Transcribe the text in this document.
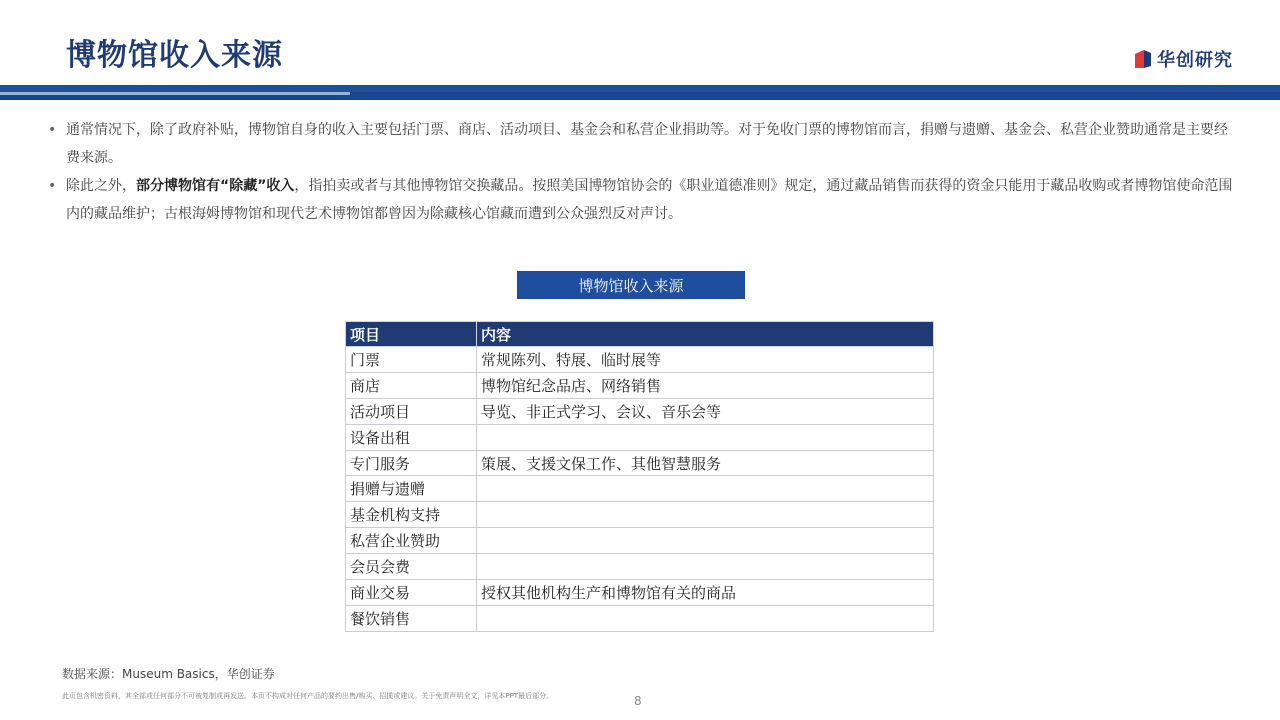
博物馆收入来源	华创研究

• 通常情况下，除了政府补贴，博物馆自身的收入主要包括门票、商店、活动项目、基金会和私营企业捐助等。对于免收门票的博物馆而言，捐赠与遗赠、基金会、私营企业赞助通常是主要经费来源。

• 除此之外，部分博物馆有“除藏”收入，指拍卖或者与其他博物馆交换藏品。按照美国博物馆协会的《职业道德准则》规定，通过藏品销售而获得的资金只能用于藏品收购或者博物馆使命范围内的藏品维护；古根海姆博物馆和现代艺术博物馆都曾因为除藏核心馆藏而遭到公众强烈反对声讨。

博物馆收入来源
项目	内容
门票	常规陈列、特展、临时展等
商店	博物馆纪念品店、网络销售
活动项目	导览、非正式学习、会议、音乐会等
设备出租	
专门服务	策展、支援文保工作、其他智慧服务
捐赠与遗赠	
基金机构支持	
私营企业赞助	
会员会费	
商业交易	授权其他机构生产和博物馆有关的商品
餐饮销售	
数据来源：Museum Basics，华创证券
此页包含机密资料，其全部或任何部分不可被复制或再发送。本页不构成对任何产品的要约出售/购买、招揽或建议。关于免责声明全文，详见本PPT最后部分。	8
